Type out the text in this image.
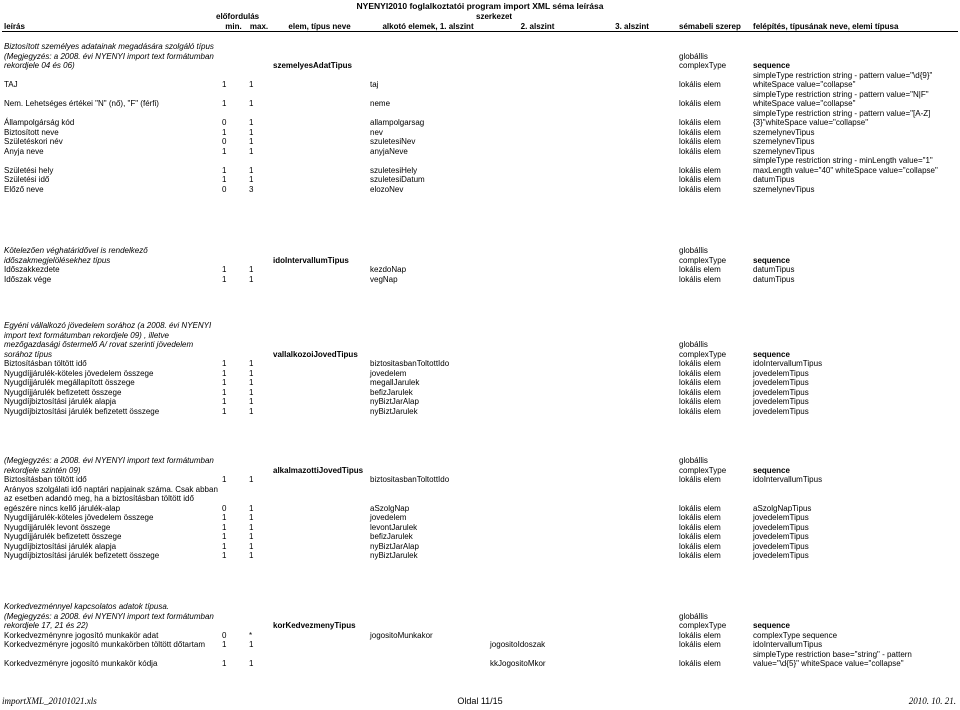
NYENYI2010 foglalkoztatói program import XML séma leírása
	előfordulás				szerkezet			
leírás	min.	max.	elem, típus neve	alkotó elemek, 1. alszint	2. alszint	3. alszint	sémabeli szerep	felépítés, típusának neve, elemi típusa
Biztosított személyes adatainak megadására szolgáló típus (Megjegyzés: a 2008. évi NYENYI import text formátumban rekordjele 04 és 06)			szemelyesAdatTipus				globállis complexType	sequence
TAJ	1	1		taj			lokális elem	simpleType restriction string - pattern value="\d{9}" whiteSpace value="collapse"
Nem. Lehetséges értékei "N" (nő), "F" (férfi)	1	1		neme			lokális elem	simpleType restriction string - pattern value="N|F" whiteSpace value="collapse"
Állampolgárság kód	0	1		allampolgarsag			lokális elem	simpleType restriction string - pattern value="[A-Z]{3}"whiteSpace value="collapse"
Biztosított neve	1	1		nev			lokális elem	szemelynevTipus
Születéskori név	0	1		szuletesiNev			lokális elem	szemelynevTipus
Anyja neve	1	1		anyjaNeve			lokális elem	szemelynevTipus
Születési hely	1	1		szuletesiHely			lokális elem	simpleType restriction string - minLength value="1" maxLength value="40" whiteSpace value="collapse"
Születési idő	1	1		szuletesiDatum			lokális elem	datumTipus
Előző neve	0	3		elozoNev			lokális elem	szemelynevTipus
Kötelezően véghatáridővel is rendelkező időszakmegjelölésekhez típus			idoIntervallumTipus				globállis complexType	sequence
Időszakkezdete	1	1		kezdoNap			lokális elem	datumTipus
Időszak vége	1	1		vegNap			lokális elem	datumTipus
Egyéni vállalkozó jövedelem sorához (a 2008. évi NYENYI import text formátumban rekordjele 09) , illetve mezőgazdasági őstermelő A/ rovat szerinti jövedelem sorához típus			vallalkozoiJovedTipus				globállis complexType	sequence
Biztosításban töltött idő	1	1		biztositasbanToltottIdo			lokális elem	idoIntervallumTipus
Nyugdíjjárulék-köteles jövedelem összege	1	1		jovedelem			lokális elem	jovedelemTipus
Nyugdíjjárulék megállapított összege	1	1		megallJarulek			lokális elem	jovedelemTipus
Nyugdíjjárulék befizetett összege	1	1		befizJarulek			lokális elem	jovedelemTipus
Nyugdíjbiztosítási járulék alapja	1	1		nyBiztJarAlap			lokális elem	jovedelemTipus
Nyugdíjbiztosítási járulék befizetett összege	1	1		nyBiztJarulek			lokális elem	jovedelemTipus
(Megjegyzés: a 2008. évi NYENYI import text formátumban rekordjele szintén 09)			alkalmazottiJovedTipus				globállis complexType	sequence
Biztosításban töltött idő	1	1		biztositasbanToltottIdo			lokális elem	idoIntervallumTipus
Arányos szolgálati idő naptári napjainak száma. Csak abban az esetben adandó meg, ha a biztosításban töltött idő egészére nincs kellő járulék-alap	0	1		aSzolgNap			lokális elem	aSzolgNapTipus
Nyugdíjjárulék-köteles jövedelem összege	1	1		jovedelem			lokális elem	jovedelemTipus
Nyugdíjjárulék levont összege	1	1		levontJarulek			lokális elem	jovedelemTipus
Nyugdíjjárulék befizetett összege	1	1		befizJarulek			lokális elem	jovedelemTipus
Nyugdíjbiztosítási járulék alapja	1	1		nyBiztJarAlap			lokális elem	jovedelemTipus
Nyugdíjbiztosítási járulék befizetett összege	1	1		nyBiztJarulek			lokális elem	jovedelemTipus
Korkedvezménnyel kapcsolatos adatok típusa. (Megjegyzés: a 2008. évi NYENYI import text formátumban rekordjele 17, 21 és 22)			korKedvezmenyTipus				globállis complexType	sequence
Korkedvezménynre jogosító munkakör adat	0	*		jogositoMunkakor			lokális elem	complexType sequence
Korkedvezményre jogosító munkakörben töltött dőtartam	1	1			jogositoIdoszak		lokális elem	idoIntervallumTipus
Korkedvezményre jogosító munkakör kódja	1	1			kkJogositoMkor		lokális elem	simpleType restriction base="string" - pattern value="\d{5}" whiteSpace value="collapse"
importXML_20101021.xls	Oldal 11/15	2010. 10. 21.
